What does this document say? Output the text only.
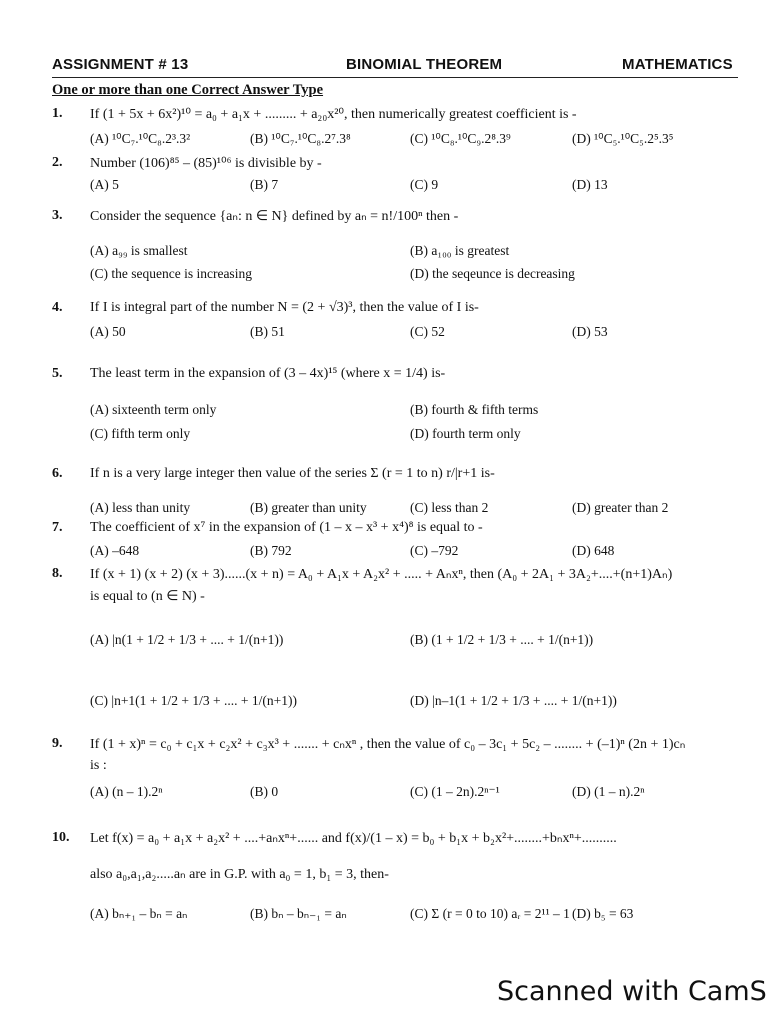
ASSIGNMENT # 13	BINOMIAL THEOREM	MATHEMATICS
One or more than one Correct Answer Type
1. If (1 + 5x + 6x²)¹⁰ = a₀ + a₁x + ......... + a₂₀x²⁰, then numerically greatest coefficient is -
(A) ¹⁰C₇.¹⁰C₈.2³.3²	(B) ¹⁰C₇.¹⁰C₈.2⁷.3⁸	(C) ¹⁰C₈.¹⁰C₉.2⁸.3⁹	(D) ¹⁰C₅.¹⁰C₅.2⁵.3⁵
2. Number (106)⁸⁵ – (85)¹⁰⁶ is divisible by -
(A) 5	(B) 7	(C) 9	(D) 13
3. Consider the sequence {aₙ: n ∈ N} defined by aₙ = n!/100ⁿ then -
(A) a₉₉ is smallest	(B) a₁₀₀ is greatest
(C) the sequence is increasing	(D) the seqeunce is decreasing
4. If I is integral part of the number N = (2 + √3)³, then the value of I is-
(A) 50	(B) 51	(C) 52	(D) 53
5. The least term in the expansion of (3 – 4x)¹⁵ (where x = 1/4) is-
(A) sixteenth term only	(B) fourth & fifth terms
(C) fifth term only	(D) fourth term only
6. If n is a very large integer then value of the series Σ (r = 1 to n) r/|r+1 is-
(A) less than unity	(B) greater than unity	(C) less than 2	(D) greater than 2
7. The coefficient of x⁷ in the expansion of (1 – x – x³ + x⁴)⁸ is equal to -
(A) –648	(B) 792	(C) –792	(D) 648
8. If (x + 1) (x + 2) (x + 3)......(x + n) = A₀ + A₁x + A₂x² + ..... + Aₙxⁿ, then (A₀ + 2A₁ + 3A₂+....+(n+1)Aₙ)
is equal to (n ∈ N) -
(A) |n(1 + 1/2 + 1/3 + .... + 1/(n+1))	(B) (1 + 1/2 + 1/3 + .... + 1/(n+1))
(C) |n+1(1 + 1/2 + 1/3 + .... + 1/(n+1))	(D) |n–1(1 + 1/2 + 1/3 + .... + 1/(n+1))
9. If (1 + x)ⁿ = c₀ + c₁x + c₂x² + c₃x³ + ....... + cₙxⁿ , then the value of c₀ – 3c₁ + 5c₂ – ........ + (–1)ⁿ (2n + 1)cₙ
is :
(A) (n – 1).2ⁿ	(B) 0	(C) (1 – 2n).2ⁿ⁻¹	(D) (1 – n).2ⁿ
10. Let f(x) = a₀ + a₁x + a₂x² + ....+aₙxⁿ+...... and f(x)/(1 – x) = b₀ + b₁x + b₂x²+........+bₙxⁿ+..........
also a₀,a₁,a₂.....aₙ are in G.P. with a₀ = 1, b₁ = 3, then-
(A) bₙ₊₁ – bₙ = aₙ	(B) bₙ – bₙ₋₁ = aₙ	(C) Σ (r = 0 to 10) aᵣ = 2¹¹ – 1 (D) b₅ = 63
Scanned with CamS
